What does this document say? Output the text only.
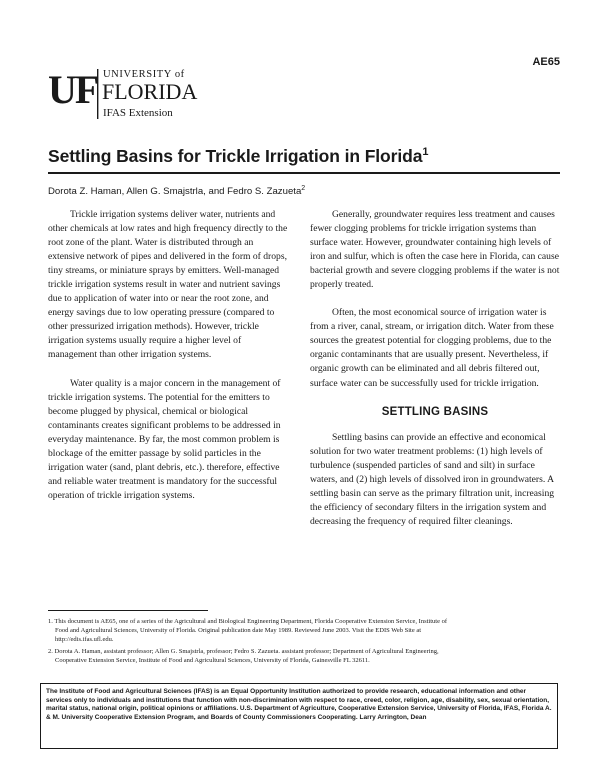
AE65
UF UNIVERSITY of
FLORIDA
IFAS Extension
Settling Basins for Trickle Irrigation in Florida$^1$
Dorota Z. Haman, Allen G. Smajstrla, and Fedro S. Zazueta$^2$

Trickle irrigation systems deliver water, nutrients and other chemicals at low rates and high frequency directly to the root zone of the plant. Water is distributed through an extensive network of pipes and delivered in the form of drops, tiny streams, or miniature sprays by emitters. Well-managed trickle irrigation systems result in water and nutrient savings due to application of water into or near the root zone, and energy savings due to low operating pressure (compared to other pressurized irrigation methods). However, trickle irrigation systems usually require a higher level of management than other irrigation systems.

Water quality is a major concern in the management of trickle irrigation systems. The potential for the emitters to become plugged by physical, chemical or biological contaminants creates significant problems to be addressed in everyday maintenance. By far, the most common problem is blockage of the emitter passage by solid particles in the irrigation water (sand, plant debris, etc.). therefore, effective and reliable water treatment is mandatory for the successful operation of trickle irrigation systems.

Generally, groundwater requires less treatment and causes fewer clogging problems for trickle irrigation systems than surface water. However, groundwater containing high levels of iron and sulfur, which is often the case here in Florida, can cause bacterial growth and severe clogging problems if the water is not properly treated.

Often, the most economical source of irrigation water is from a river, canal, stream, or irrigation ditch. Water from these sources the greatest potential for clogging problems, due to the organic contaminants that are usually present. Nevertheless, if organic growth can be eliminated and all debris filtered out, surface water can be successfully used for trickle irrigation.

SETTLING BASINS

Settling basins can provide an effective and economical solution for two water treatment problems: (1) high levels of turbulence (suspended particles of sand and silt) in surface waters, and (2) high levels of dissolved iron in groundwaters. A settling basin can serve as the primary filtration unit, increasing the efficiency of secondary filters in the irrigation system and decreasing the frequency of required filter cleanings.

1. This document is AE65, one of a series of the Agricultural and Biological Engineering Department, Florida Cooperative Extension Service, Institute of
Food and Agricultural Sciences, University of Florida. Original publication date May 1989. Reviewed June 2003. Visit the EDIS Web Site at
http://edis.ifas.ufl.edu.
2. Dorota A. Haman, assistant professor; Allen G. Smajstrla, professor; Fedro S. Zazueta. assistant professor; Department of Agricultural Engineering,
Cooperative Extension Service, Institute of Food and Agricultural Sciences, University of Florida, Gainesville FL 32611.
The Institute of Food and Agricultural Sciences (IFAS) is an Equal Opportunity Institution authorized to provide research, educational information and other services only to individuals and institutions that function with non-discrimination with respect to race, creed, color, religion, age, disability, sex, sexual orientation, marital status, national origin, political opinions or affiliations. U.S. Department of Agriculture, Cooperative Extension Service, University of Florida, IFAS, Florida A. & M. University Cooperative Extension Program, and Boards of County Commissioners Cooperating. Larry Arrington, Dean
